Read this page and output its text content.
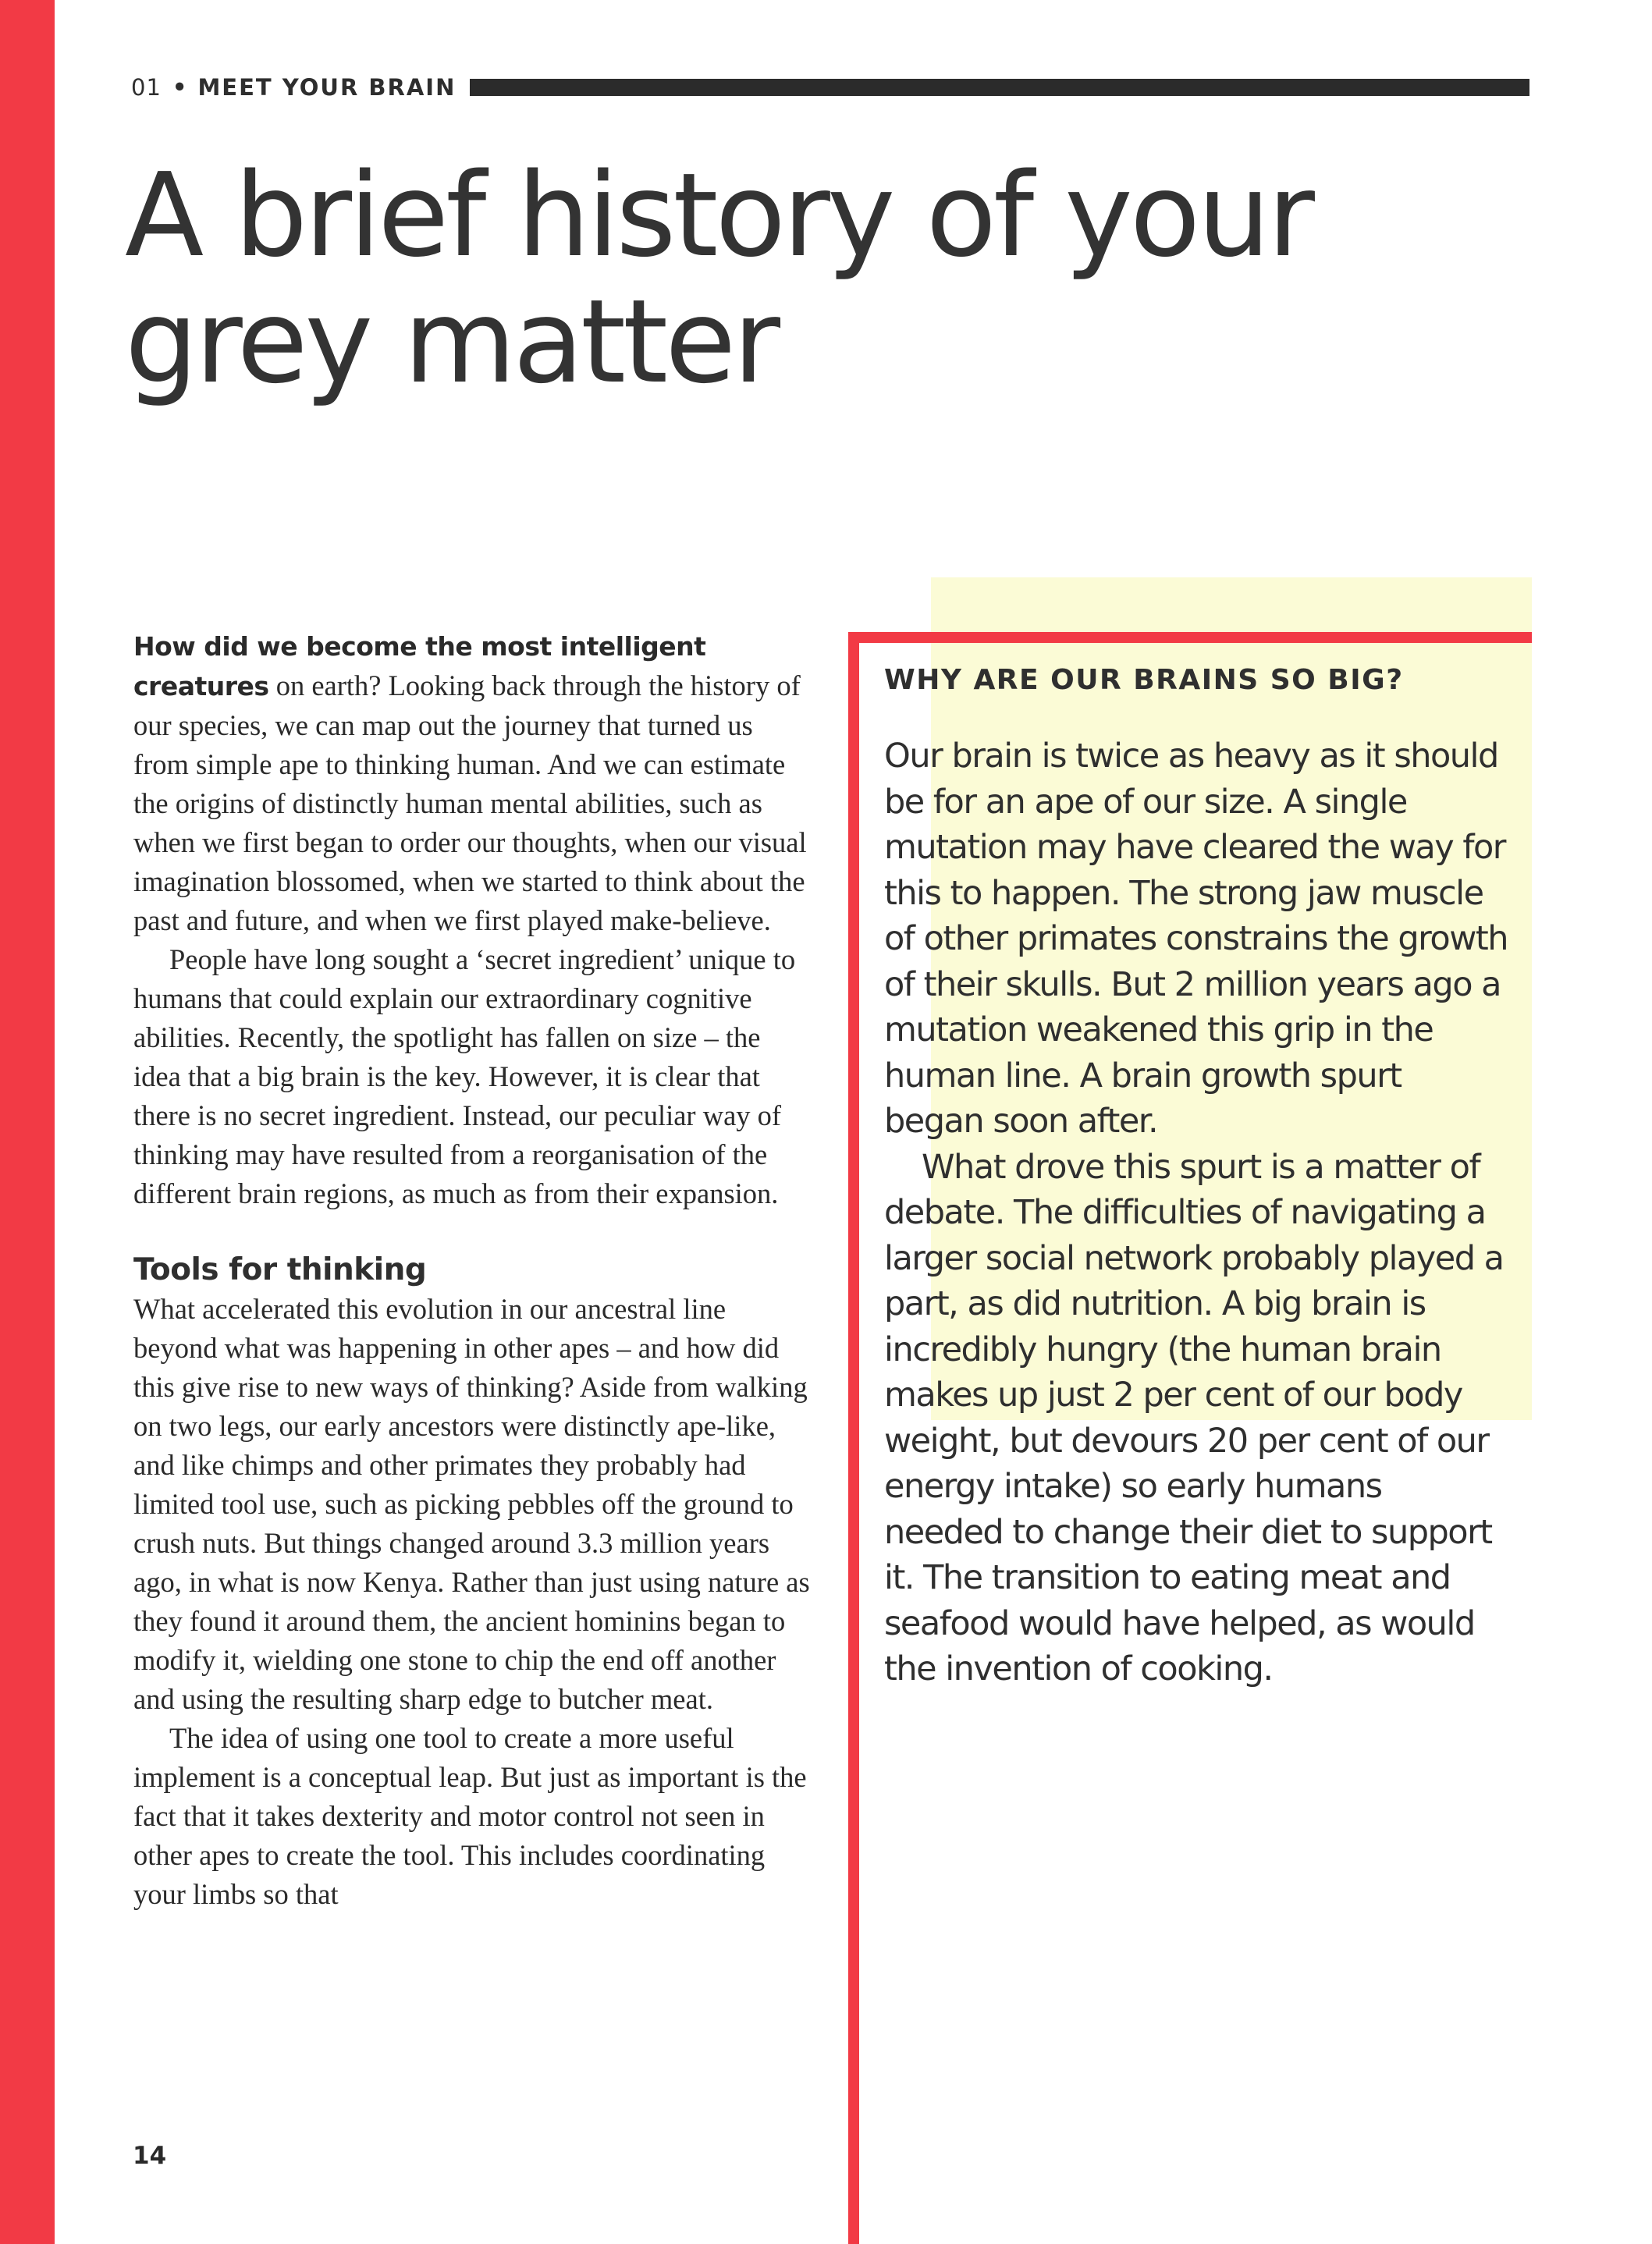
01 • MEET YOUR BRAIN
A brief history of your
grey matter

How did we become the most intelligent creatures on earth? Looking back through the history of our species, we can map out the journey that turned us from simple ape to thinking human. And we can estimate the origins of distinctly human mental abilities, such as when we first began to order our thoughts, when our visual imagination blossomed, when we started to think about the past and future, and when we first played make-believe.

People have long sought a ‘secret ingredient’ unique to humans that could explain our extraordinary cognitive abilities. Recently, the spotlight has fallen on size – the idea that a big brain is the key. However, it is clear that there is no secret ingredient. Instead, our peculiar way of thinking may have resulted from a reorganisation of the different brain regions, as much as from their expansion.

Tools for thinking

What accelerated this evolution in our ancestral line beyond what was happening in other apes – and how did this give rise to new ways of thinking? Aside from walking on two legs, our early ancestors were distinctly ape-like, and like chimps and other primates they probably had limited tool use, such as picking pebbles off the ground to crush nuts. But things changed around 3.3 million years ago, in what is now Kenya. Rather than just using nature as they found it around them, the ancient hominins began to modify it, wielding one stone to chip the end off another and using the resulting sharp edge to butcher meat.

The idea of using one tool to create a more useful implement is a conceptual leap. But just as important is the fact that it takes dexterity and motor control not seen in other apes to create the tool. This includes coordinating your limbs so that

WHY ARE OUR BRAINS SO BIG?

Our brain is twice as heavy as it should be for an ape of our size. A single mutation may have cleared the way for this to happen. The strong jaw muscle of other primates constrains the growth of their skulls. But 2 million years ago a mutation weakened this grip in the human line. A brain growth spurt began soon after.

What drove this spurt is a matter of debate. The difficulties of navigating a larger social network probably played a part, as did nutrition. A big brain is incredibly hungry (the human brain makes up just 2 per cent of our body weight, but devours 20 per cent of our energy intake) so early humans needed to change their diet to support it. The transition to eating meat and seafood would have helped, as would the invention of cooking.

14
